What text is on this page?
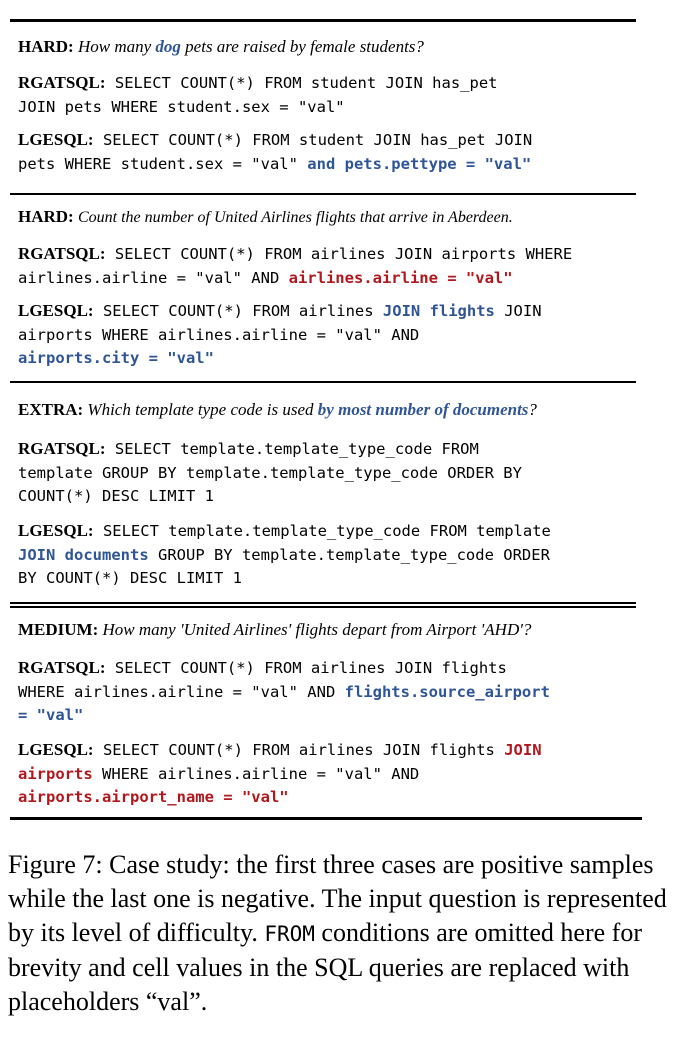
HARD: How many dog pets are raised by female students?
RGATSQL: SELECT COUNT(*) FROM student JOIN has_pet
JOIN pets WHERE student.sex = "val"
LGESQL: SELECT COUNT(*) FROM student JOIN has_pet JOIN
pets WHERE student.sex = "val" and pets.pettype = "val"
HARD: Count the number of United Airlines flights that arrive in Aberdeen.
RGATSQL: SELECT COUNT(*) FROM airlines JOIN airports WHERE
airlines.airline = "val" AND airlines.airline = "val"
LGESQL: SELECT COUNT(*) FROM airlines JOIN flights JOIN
airports WHERE airlines.airline = "val" AND
airports.city = "val"
EXTRA: Which template type code is used by most number of documents?
RGATSQL: SELECT template.template_type_code FROM
template GROUP BY template.template_type_code ORDER BY
COUNT(*) DESC LIMIT 1
LGESQL: SELECT template.template_type_code FROM template
JOIN documents GROUP BY template.template_type_code ORDER
BY COUNT(*) DESC LIMIT 1
MEDIUM: How many 'United Airlines' flights depart from Airport 'AHD'?
RGATSQL: SELECT COUNT(*) FROM airlines JOIN flights
WHERE airlines.airline = "val" AND flights.source_airport
= "val"
LGESQL: SELECT COUNT(*) FROM airlines JOIN flights JOIN
airports WHERE airlines.airline = "val" AND
airports.airport_name = "val"
Figure 7: Case study: the first three cases are positive samples while the last one is negative. The input question is represented by its level of difficulty. FROM conditions are omitted here for brevity and cell values in the SQL queries are replaced with placeholders “val”.
